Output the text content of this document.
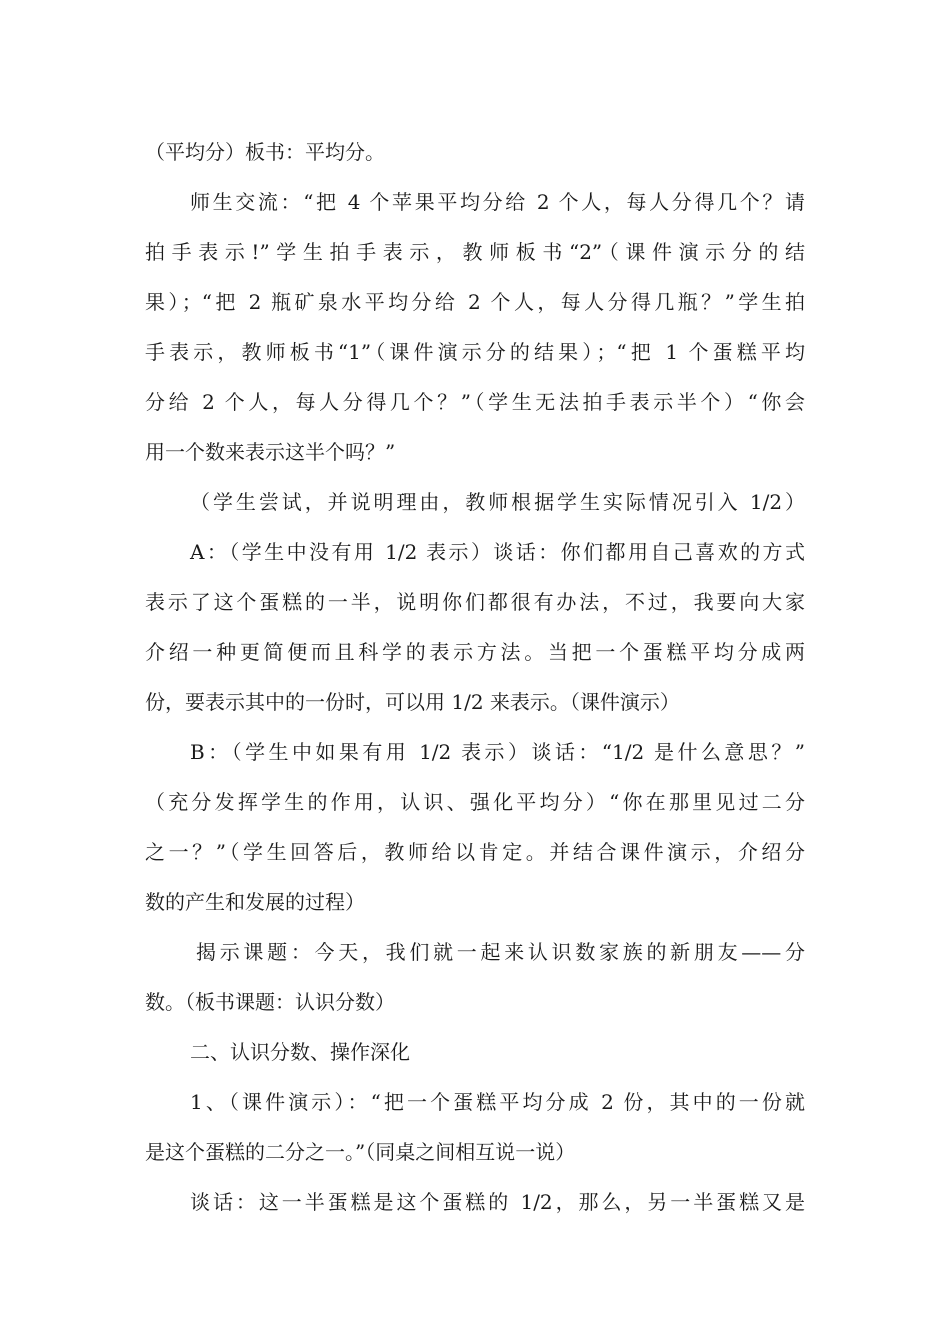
（平均分）板书：平均分。
师生交流：“把 4 个苹果平均分给 2 个人，每人分得几个？请
拍手表示!”学生拍手表示，教师板书“2”（课件演示分的结
果）；“把 2 瓶矿泉水平均分给 2 个人，每人分得几瓶？”学生拍
手表示，教师板书“1”（课件演示分的结果）；“把 1 个蛋糕平均
分给 2 个人，每人分得几个？”（学生无法拍手表示半个）“你会
用一个数来表示这半个吗？”
（学生尝试，并说明理由，教师根据学生实际情况引入 1/2）
A：（学生中没有用 1/2 表示）谈话：你们都用自己喜欢的方式
表示了这个蛋糕的一半，说明你们都很有办法，不过，我要向大家
介绍一种更简便而且科学的表示方法。当把一个蛋糕平均分成两
份，要表示其中的一份时，可以用 1/2 来表示。（课件演示）
B：（学生中如果有用 1/2 表示）谈话：“1/2 是什么意思？”
（充分发挥学生的作用，认识、强化平均分）“你在那里见过二分
之一？”（学生回答后，教师给以肯定。并结合课件演示，介绍分
数的产生和发展的过程）
揭示课题：今天，我们就一起来认识数家族的新朋友——分
数。（板书课题：认识分数）
二、认识分数、操作深化
1、（课件演示）：“把一个蛋糕平均分成 2 份，其中的一份就
是这个蛋糕的二分之一。”（同桌之间相互说一说）
谈话：这一半蛋糕是这个蛋糕的 1/2，那么，另一半蛋糕又是
